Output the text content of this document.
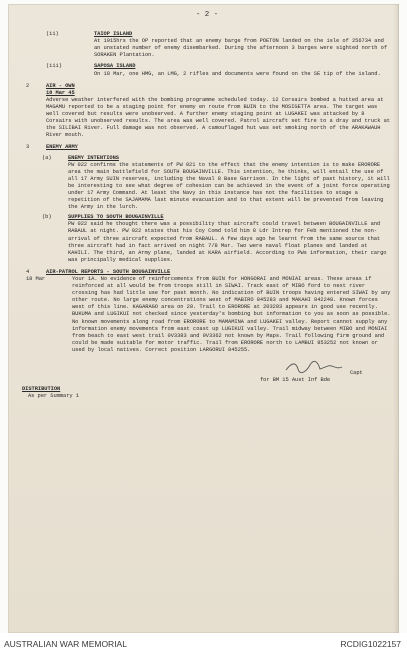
- 2 -
(ii)	TAIOP ISLAND
At 1915hrs the OP reported that an enemy barge from POETON landed on the isle of 256734 and an unstated number of enemy disembarked. During the afternoon 3 barges were sighted north of SORAKEN Plantation.
(iii)	SAPOSA ISLAND
On 18 Mar, one HMG, an LMG, 2 rifles and documents were found on the SE tip of the island.
2	AIR - OWN
18 Mar 45
Adverse weather interfered with the bombing programme scheduled today. 12 Corsairs bombed a hutted area at MAGAMU reported to be a staging point for enemy en route from BUIN to the MOSIGETTA area. The target was well covered but results were unobserved. A further enemy staging point at LUGAKEI was attacked by 8 Corsairs with unobserved results. The area was well covered. Patrol aircraft set fire to a dray and truck at the SILIBAI River. Full damage was not observed. A camouflaged hut was set smoking north of the ARAKAWAUH River mouth.
3	ENEMY ARMY
(a)	ENEMY INTENTIONS
PW 022 confirms the statements of PW 021 to the effect that the enemy intention is to make ERORORE area the main battlefield for SOUTH BOUGAINVILLE. This intention, he thinks, will entail the use of all 17 Army SUIN reserves, including the Naval 8 Base Garrison. In the light of past history, it will be interesting to see what degree of cohesion can be achieved in the event of a joint force operating under 17 Army Command. At least the Navy in this instance has not the facilities to stage a repetition of the SAJAMAMA last minute evacuation and to that extent will be prevented from leaving the Army in the lurch.
(b)	SUPPLIES TO SOUTH BOUGAINVILLE
PW 022 said he thought there was a possibility that aircraft could travel between BOUGAINVILLE and RABAUL at night. PW 022 states that his Coy Comd told him 8 Ldr Intrep for Feb mentioned the non-arrival of three aircraft expected from RABAUL. A few days ago he learnt from the same source that three aircraft had in fact arrived on night 7/8 Mar. Two were naval float planes and landed at KAHILI. The third, an Army plane, landed at KARA airfield. According to PWs information, their cargo was principally medical supplies.
4	AIR-PATROL REPORTS - SOUTH BOUGAINVILLE
18 Mar	Your 1A. No evidence of reinforcements from BUIN for HONGORAI and MONIAI areas. These areas if reinforced at all would be from troops still in SIWAI. Track east of MIBO ford to next river crossing has had little use for past month. No indication of BUIN troops having entered SIWAI by any other route. No large enemy concentrations west of MABIRO 845283 and MAKAHI 842248. Known forces west of this line. KAGARAGO area on 20. Trail to ERORORE at 203203 appears in good use recently. BUKUMA and LUGIKUI not checked since yesterday's bombing but information to you as soon as possible. No known movements along road from ERORORE to MAMAMINA and LUGAKEI valley. Report cannot supply any information enemy movements from east coast up LUGIKUI valley. Trail midway between MIBO and MONIAI from beach to east west trail 0V3383 and 0V3362 not known by Maps. Trail following firm ground and could be made suitable for motor traffic. Trail from ERORORE north to LAMBUI 853252 not known or used by local natives. Correct position LARGORUI 845255.
Capt
for BM 15 Aust Inf Bde
DISTRIBUTION
As per Summary 1
AUSTRALIAN WAR MEMORIAL	RCDIG1022157
